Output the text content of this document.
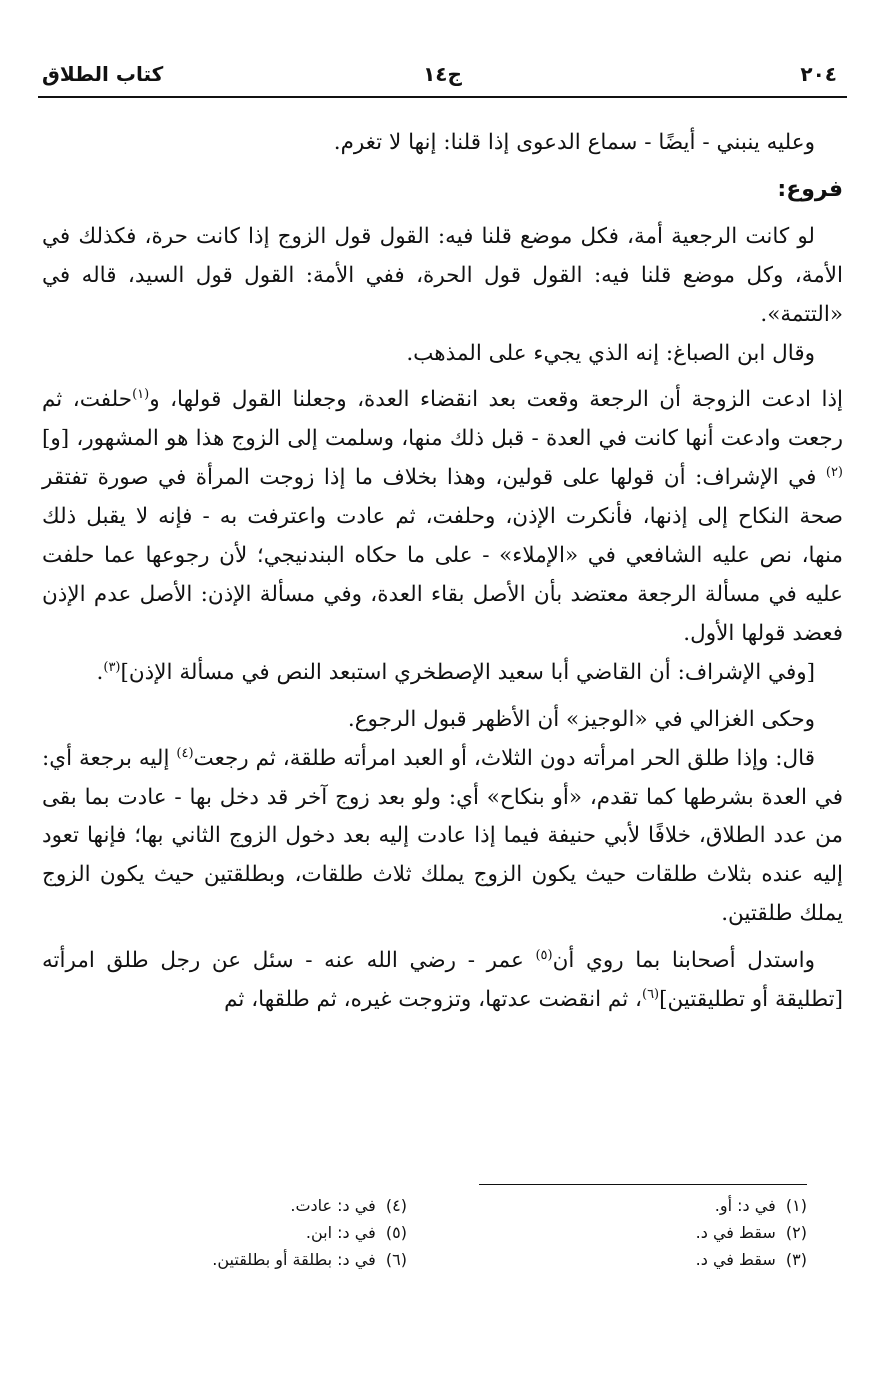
٢٠٤
ج١٤
كتاب الطلاق

وعليه ينبني - أيضًا - سماع الدعوى إذا قلنا: إنها لا تغرم.

فروع:

لو كانت الرجعية أمة، فكل موضع قلنا فيه: القول قول الزوج إذا كانت حرة، فكذلك في الأمة، وكل موضع قلنا فيه: القول قول الحرة، ففي الأمة: القول قول السيد، قاله في «التتمة».

وقال ابن الصباغ: إنه الذي يجيء على المذهب.

إذا ادعت الزوجة أن الرجعة وقعت بعد انقضاء العدة، وجعلنا القول قولها، و$^{(١)}$حلفت، ثم رجعت وادعت أنها كانت في العدة - قبل ذلك منها، وسلمت إلى الزوج هذا هو المشهور، [و]$^{(٢)}$ في الإشراف: أن قولها على قولين، وهذا بخلاف ما إذا زوجت المرأة في صورة تفتقر صحة النكاح إلى إذنها، فأنكرت الإذن، وحلفت، ثم عادت واعترفت به - فإنه لا يقبل ذلك منها، نص عليه الشافعي في «الإملاء» - على ما حكاه البندنيجي؛ لأن رجوعها عما حلفت عليه في مسألة الرجعة معتضد بأن الأصل بقاء العدة، وفي مسألة الإذن: الأصل عدم الإذن فعضد قولها الأول.

[وفي الإشراف: أن القاضي أبا سعيد الإصطخري استبعد النص في مسألة الإذن]$^{(٣)}$.

وحكى الغزالي في «الوجيز» أن الأظهر قبول الرجوع.

قال: وإذا طلق الحر امرأته دون الثلاث، أو العبد امرأته طلقة، ثم رجعت$^{(٤)}$ إليه برجعة أي: في العدة بشرطها كما تقدم، «أو بنكاح» أي: ولو بعد زوج آخر قد دخل بها - عادت بما بقى من عدد الطلاق، خلافًا لأبي حنيفة فيما إذا عادت إليه بعد دخول الزوج الثاني بها؛ فإنها تعود إليه عنده بثلاث طلقات حيث يكون الزوج يملك ثلاث طلقات، وبطلقتين حيث يكون الزوج يملك طلقتين.

واستدل أصحابنا بما روي أن$^{(٥)}$ عمر - رضي الله عنه - سئل عن رجل طلق امرأته [تطليقة أو تطليقتين]$^{(٦)}$، ثم انقضت عدتها، وتزوجت غيره، ثم طلقها، ثم

(١)  في د: أو.
(٢)  سقط في د.
(٣)  سقط في د.
(٤)  في د: عادت.
(٥)  في د: ابن.
(٦)  في د: بطلقة أو بطلقتين.
